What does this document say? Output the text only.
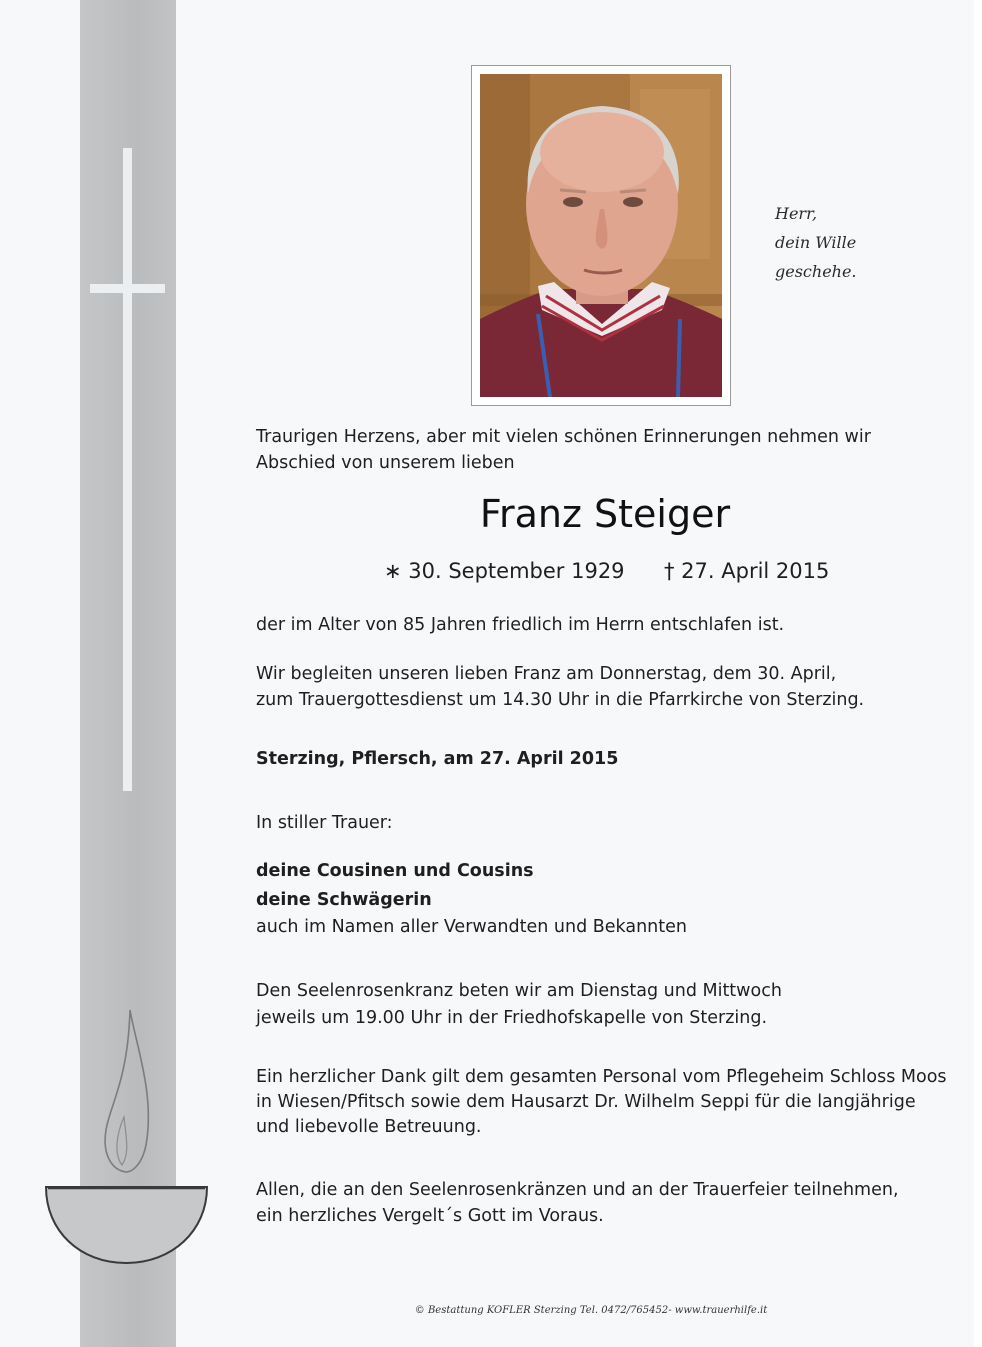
Herr,
dein Wille
geschehe.
Traurigen Herzens, aber mit vielen schönen Erinnerungen nehmen wir
Abschied von unserem lieben
Franz Steiger
∗ 30. September 1929 † 27. April 2015
der im Alter von 85 Jahren friedlich im Herrn entschlafen ist.
Wir begleiten unseren lieben Franz am Donnerstag, dem 30. April,
zum Trauergottesdienst um 14.30 Uhr in die Pfarrkirche von Sterzing.
Sterzing, Pflersch, am 27. April 2015
In stiller Trauer:
deine Cousinen und Cousins
deine Schwägerin
auch im Namen aller Verwandten und Bekannten
Den Seelenrosenkranz beten wir am Dienstag und Mittwoch
jeweils um 19.00 Uhr in der Friedhofskapelle von Sterzing.
Ein herzlicher Dank gilt dem gesamten Personal vom Pflegeheim Schloss Moos
in Wiesen/Pfitsch sowie dem Hausarzt Dr. Wilhelm Seppi für die langjährige
und liebevolle Betreuung.
Allen, die an den Seelenrosenkränzen und an der Trauerfeier teilnehmen,
ein herzliches Vergelt´s Gott im Voraus.
© Bestattung KOFLER Sterzing Tel. 0472/765452- www.trauerhilfe.it
